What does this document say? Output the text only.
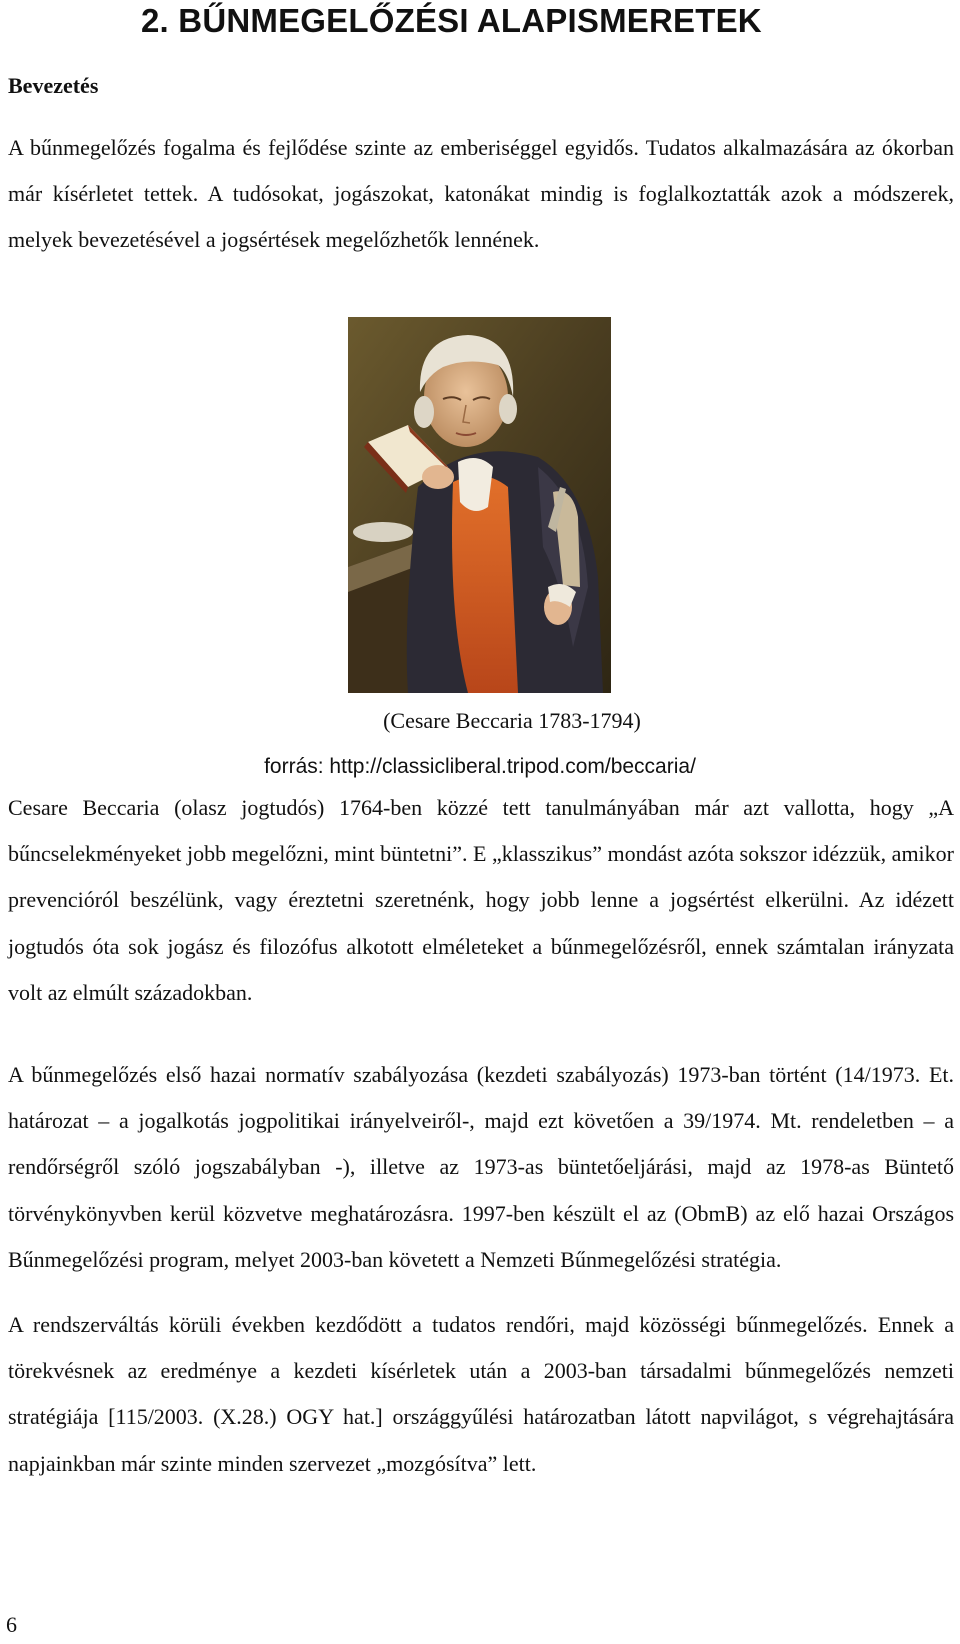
2. BŰNMEGELŐZÉSI ALAPISMERETEK
Bevezetés

A bűnmegelőzés fogalma és fejlődése szinte az emberiséggel egyidős. Tudatos alkalmazására az ókorban már kísérletet tettek. A tudósokat, jogászokat, katonákat mindig is foglalkoztatták azok a módszerek, melyek bevezetésével a jogsértések megelőzhetők lennének.

(Cesare Beccaria 1783-1794)

forrás: http://classicliberal.tripod.com/beccaria/

Cesare Beccaria (olasz jogtudós) 1764-ben közzé tett tanulmányában már azt vallotta, hogy „A bűncselekményeket jobb megelőzni, mint büntetni”. E „klasszikus” mondást azóta sokszor idézzük, amikor prevencióról beszélünk, vagy éreztetni szeretnénk, hogy jobb lenne a jogsértést elkerülni. Az idézett jogtudós óta sok jogász és filozófus alkotott elméleteket a bűnmegelőzésről, ennek számtalan irányzata volt az elmúlt századokban.

A bűnmegelőzés első hazai normatív szabályozása (kezdeti szabályozás) 1973-ban történt (14/1973. Et. határozat – a jogalkotás jogpolitikai irányelveiről-, majd ezt követően a 39/1974. Mt. rendeletben – a rendőrségről szóló jogszabályban -), illetve az 1973-as büntetőeljárási, majd az 1978-as Büntető törvénykönyvben kerül közvetve meghatározásra. 1997-ben készült el az (ObmB) az elő hazai Országos Bűnmegelőzési program, melyet 2003-ban követett a Nemzeti Bűnmegelőzési stratégia.

A rendszerváltás körüli években kezdődött a tudatos rendőri, majd közösségi bűnmegelőzés. Ennek a törekvésnek az eredménye a kezdeti kísérletek után a 2003-ban társadalmi bűnmegelőzés nemzeti stratégiája [115/2003. (X.28.) OGY hat.] országgyűlési határozatban látott napvilágot, s végrehajtására napjainkban már szinte minden szervezet „mozgósítva” lett.

6
